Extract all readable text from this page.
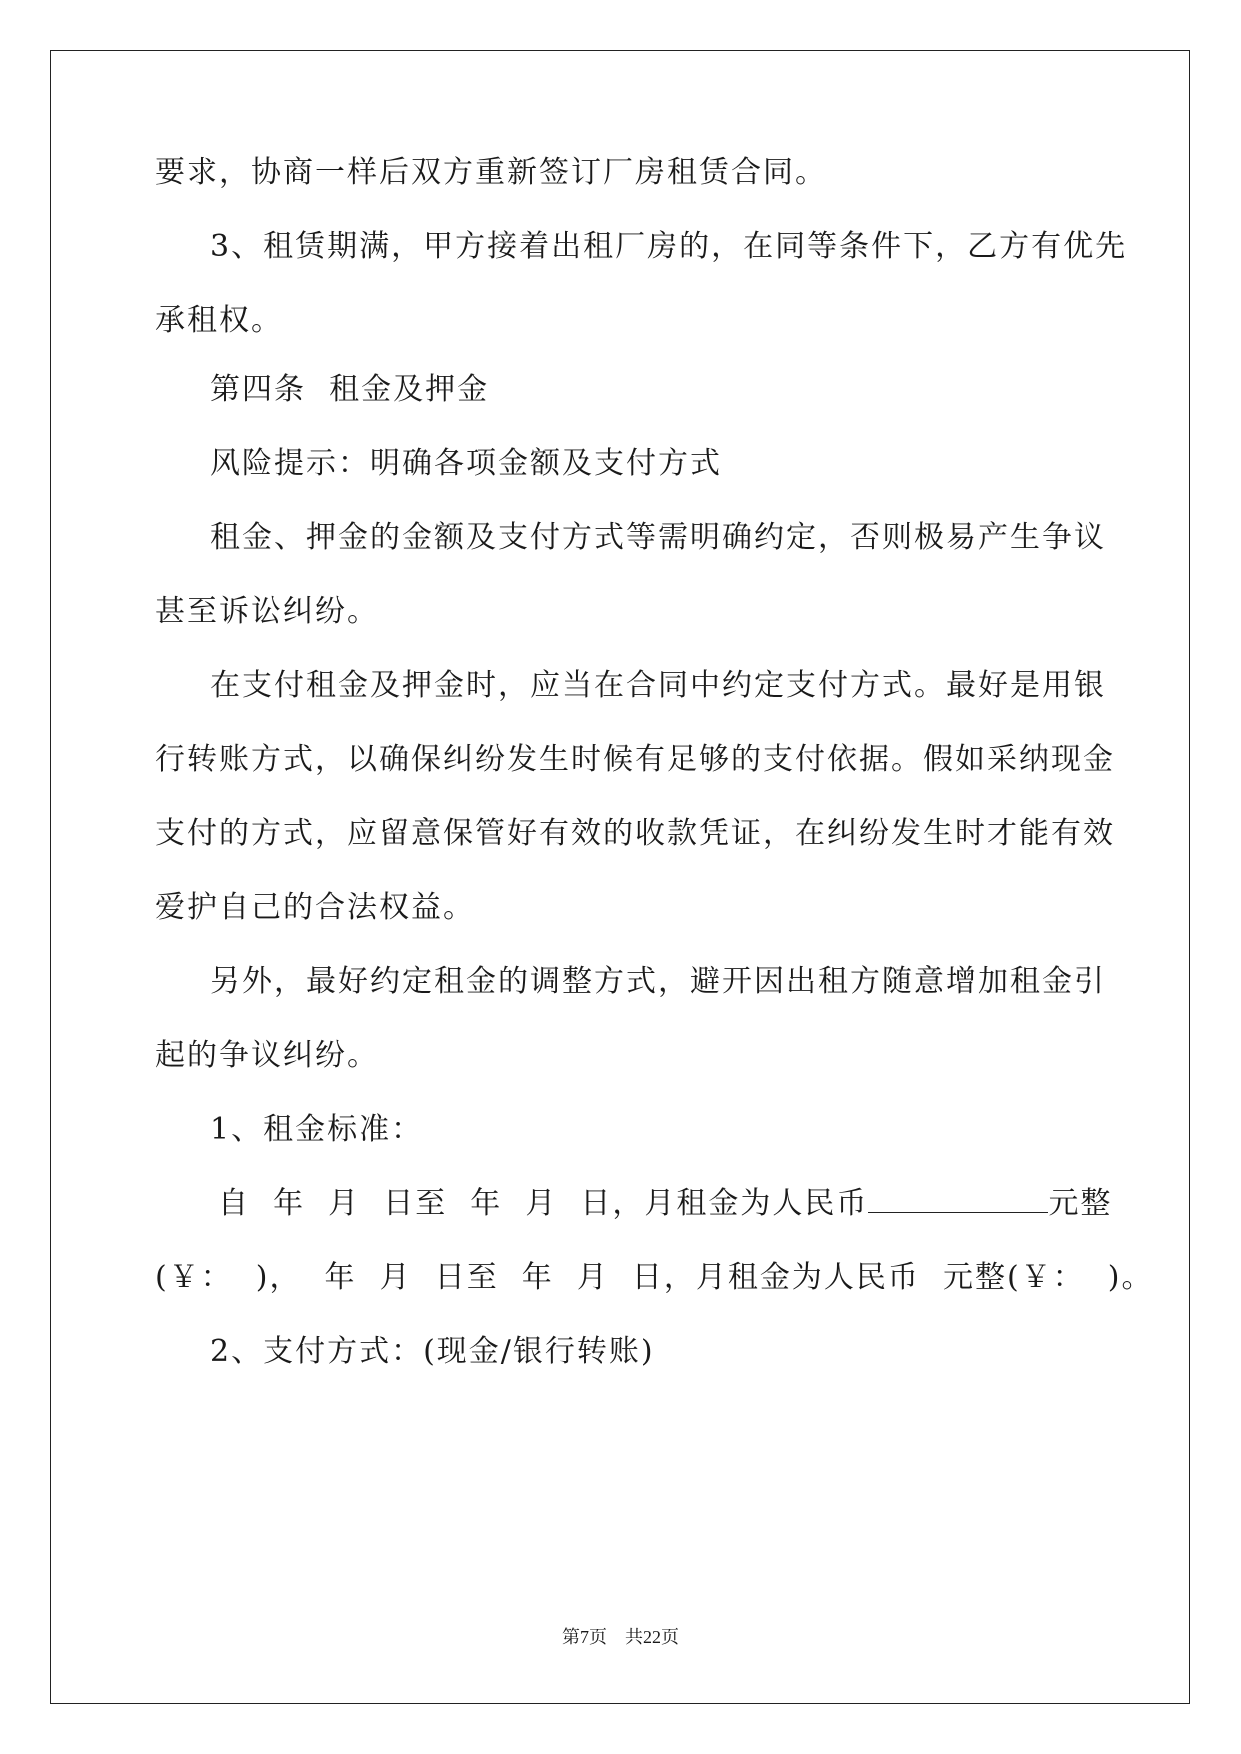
要求，协商一样后双方重新签订厂房租赁合同。
3、租赁期满，甲方接着出租厂房的，在同等条件下，乙方有优先
承租权。
第四条  租金及押金
风险提示：明确各项金额及支付方式
租金、押金的金额及支付方式等需明确约定，否则极易产生争议
甚至诉讼纠纷。
在支付租金及押金时，应当在合同中约定支付方式。最好是用银
行转账方式，以确保纠纷发生时候有足够的支付依据。假如采纳现金
支付的方式，应留意保管好有效的收款凭证，在纠纷发生时才能有效
爱护自己的合法权益。
另外，最好约定租金的调整方式，避开因出租方随意增加租金引
起的争议纠纷。
1、租金标准：
自  年  月  日至  年  月  日，月租金为人民币	元整
(￥：  )，  年  月  日至  年  月  日，月租金为人民币  元整(￥：  )。
2、支付方式：(现金/银行转账)
第7页 共22页
